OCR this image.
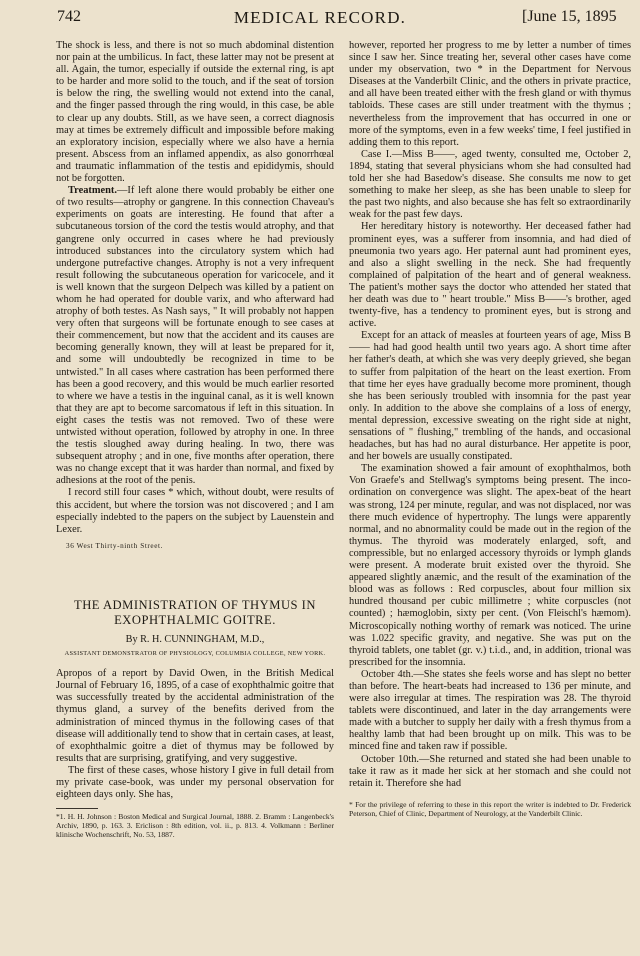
742	MEDICAL RECORD.	[June 15, 1895

The shock is less, and there is not so much abdominal distention nor pain at the umbilicus. In fact, these latter may not be present at all. Again, the tumor, especially if outside the external ring, is apt to be harder and more solid to the touch, and if the seat of torsion is below the ring, the swelling would not extend into the canal, and the finger passed through the ring would, in this case, be able to clear up any doubts. Still, as we have seen, a correct diagnosis may at times be extremely difficult and impossible before making an exploratory incision, especially where we also have a hernia present. Abscess from an inflamed appendix, as also gonorrhœal and traumatic inflammation of the testis and epididymis, should not be forgotten.

Treatment.—If left alone there would probably be either one of two results—atrophy or gangrene. In this connection Chaveau's experiments on goats are interesting. He found that after a subcutaneous torsion of the cord the testis would atrophy, and that gangrene only occurred in cases where he had previously introduced substances into the circulatory system which had undergone putrefactive changes. Atrophy is not a very infrequent result following the subcutaneous operation for varicocele, and it is well known that the surgeon Delpech was killed by a patient on whom he had operated for double varix, and who afterward had atrophy of both testes. As Nash says, " It will probably not happen very often that surgeons will be fortunate enough to see cases at their commencement, but now that the accident and its causes are becoming generally known, they will at least be prepared for it, and some will undoubtedly be recognized in time to be untwisted." In all cases where castration has been performed there has been a good recovery, and this would be much earlier resorted to where we have a testis in the inguinal canal, as it is well known that they are apt to become sarcomatous if left in this situation. In eight cases the testis was not removed. Two of these were untwisted without operation, followed by atrophy in one. In three the testis sloughed away during healing. In two, there was subsequent atrophy ; and in one, five months after operation, there was no change except that it was harder than normal, and fixed by adhesions at the root of the penis.

I record still four cases * which, without doubt, were results of this accident, but where the torsion was not discovered ; and I am especially indebted to the papers on the subject by Lauenstein and Lexer.

36 West Thirty-ninth Street.
THE ADMINISTRATION OF THYMUS IN EXOPHTHALMIC GOITRE.
By R. H. CUNNINGHAM, M.D.,
ASSISTANT DEMONSTRATOR OF PHYSIOLOGY, COLUMBIA COLLEGE, NEW YORK.

Apropos of a report by David Owen, in the British Medical Journal of February 16, 1895, of a case of exophthalmic goitre that was successfully treated by the accidental administration of the thymus gland, a survey of the benefits derived from the administration of minced thymus in the following cases of that disease will additionally tend to show that in certain cases, at least, of exophthalmic goitre a diet of thymus may be followed by results that are surprising, gratifying, and very suggestive.

The first of these cases, whose history I give in full detail from my private case-book, was under my personal observation for eighteen days only. She has,

*1. H. H. Johnson : Boston Medical and Surgical Journal, 1888. 2. Bramm : Langenbeck's Archiv, 1890, p. 163. 3. Ericlison : 8th edition, vol. ii., p. 813. 4. Volkmann : Berliner klinische Wochenschrift, No. 53, 1887.

however, reported her progress to me by letter a number of times since I saw her. Since treating her, several other cases have come under my observation, two * in the Department for Nervous Diseases at the Vanderbilt Clinic, and the others in private practice, and all have been treated either with the fresh gland or with thymus tabloids. These cases are still under treatment with the thymus ; nevertheless from the improvement that has occurred in one or more of the symptoms, even in a few weeks' time, I feel justified in adding them to this report.

Case I.—Miss B——, aged twenty, consulted me, October 2, 1894, stating that several physicians whom she had consulted had told her she had Basedow's disease. She consults me now to get something to make her sleep, as she has been unable to sleep for the past two nights, and also because she has felt so extraordinarily weak for the past few days.

Her hereditary history is noteworthy. Her deceased father had prominent eyes, was a sufferer from insomnia, and had died of pneumonia two years ago. Her paternal aunt had prominent eyes, and also a slight swelling in the neck. She had frequently complained of palpitation of the heart and of general weakness. The patient's mother says the doctor who attended her stated that her death was due to " heart trouble." Miss B——'s brother, aged twenty-five, has a tendency to prominent eyes, but is strong and active.

Except for an attack of measles at fourteen years of age, Miss B—— had had good health until two years ago. A short time after her father's death, at which she was very deeply grieved, she began to suffer from palpitation of the heart on the least exertion. From that time her eyes have gradually become more prominent, though she has been seriously troubled with insomnia for the past year only. In addition to the above she complains of a loss of energy, mental depression, excessive sweating on the right side at night, sensations of " flushing," trembling of the hands, and occasional headaches, but has had no aural disturbance. Her appetite is poor, and her bowels are usually constipated.

The examination showed a fair amount of exophthalmos, both Von Graefe's and Stellwag's symptoms being present. The inco-ordination on convergence was slight. The apex-beat of the heart was strong, 124 per minute, regular, and was not displaced, nor was there much evidence of hypertrophy. The lungs were apparently normal, and no abnormality could be made out in the region of the thymus. The thyroid was moderately enlarged, soft, and compressible, but no enlarged accessory thyroids or lymph glands were present. A moderate bruit existed over the thyroid. She appeared slightly anæmic, and the result of the examination of the blood was as follows : Red corpuscles, about four million six hundred thousand per cubic millimetre ; white corpuscles (not counted) ; hæmoglobin, sixty per cent. (Von Fleischl's hæmom). Microscopically nothing worthy of remark was noticed. The urine was 1.022 specific gravity, and negative. She was put on the thyroid tablets, one tablet (gr. v.) t.i.d., and, in addition, trional was prescribed for the insomnia.

October 4th.—She states she feels worse and has slept no better than before. The heart-beats had increased to 136 per minute, and were also irregular at times. The respiration was 28. The thyroid tablets were discontinued, and later in the day arrangements were made with a butcher to supply her daily with a fresh thymus from a healthy lamb that had been brought up on milk. This was to be minced fine and taken raw if possible.

October 10th.—She returned and stated she had been unable to take it raw as it made her sick at her stomach and she could not retain it. Therefore she had

* For the privilege of referring to these in this report the writer is indebted to Dr. Frederick Peterson, Chief of Clinic, Department of Neurology, at the Vanderbilt Clinic.
